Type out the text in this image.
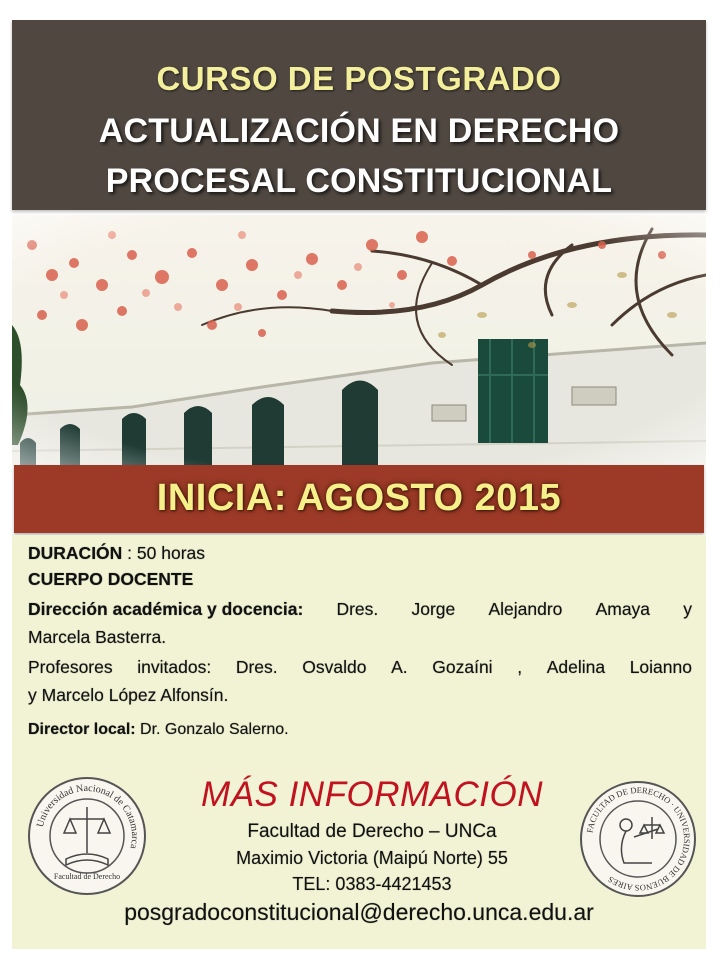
CURSO DE POSTGRADO
ACTUALIZACIÓN EN DERECHO
PROCESAL CONSTITUCIONAL
INICIA: AGOSTO 2015
DURACIÓN : 50 horas
CUERPO DOCENTE
Dirección académica y docencia: Dres. Jorge Alejandro Amaya y
Marcela Basterra.
Profesores invitados: Dres. Osvaldo A. Gozaíni , Adelina Loianno
y Marcelo López Alfonsín.
Director local: Dr. Gonzalo Salerno.
Universidad Nacional de Catamarca
Facultad de Derecho
MÁS INFORMACIÓN
Facultad de Derecho – UNCa
Maximio Victoria (Maipú Norte) 55
TEL: 0383-4421453
posgradoconstitucional@derecho.unca.edu.ar
FACULTAD DE DERECHO · UNIVERSIDAD DE BUENOS AIRES
